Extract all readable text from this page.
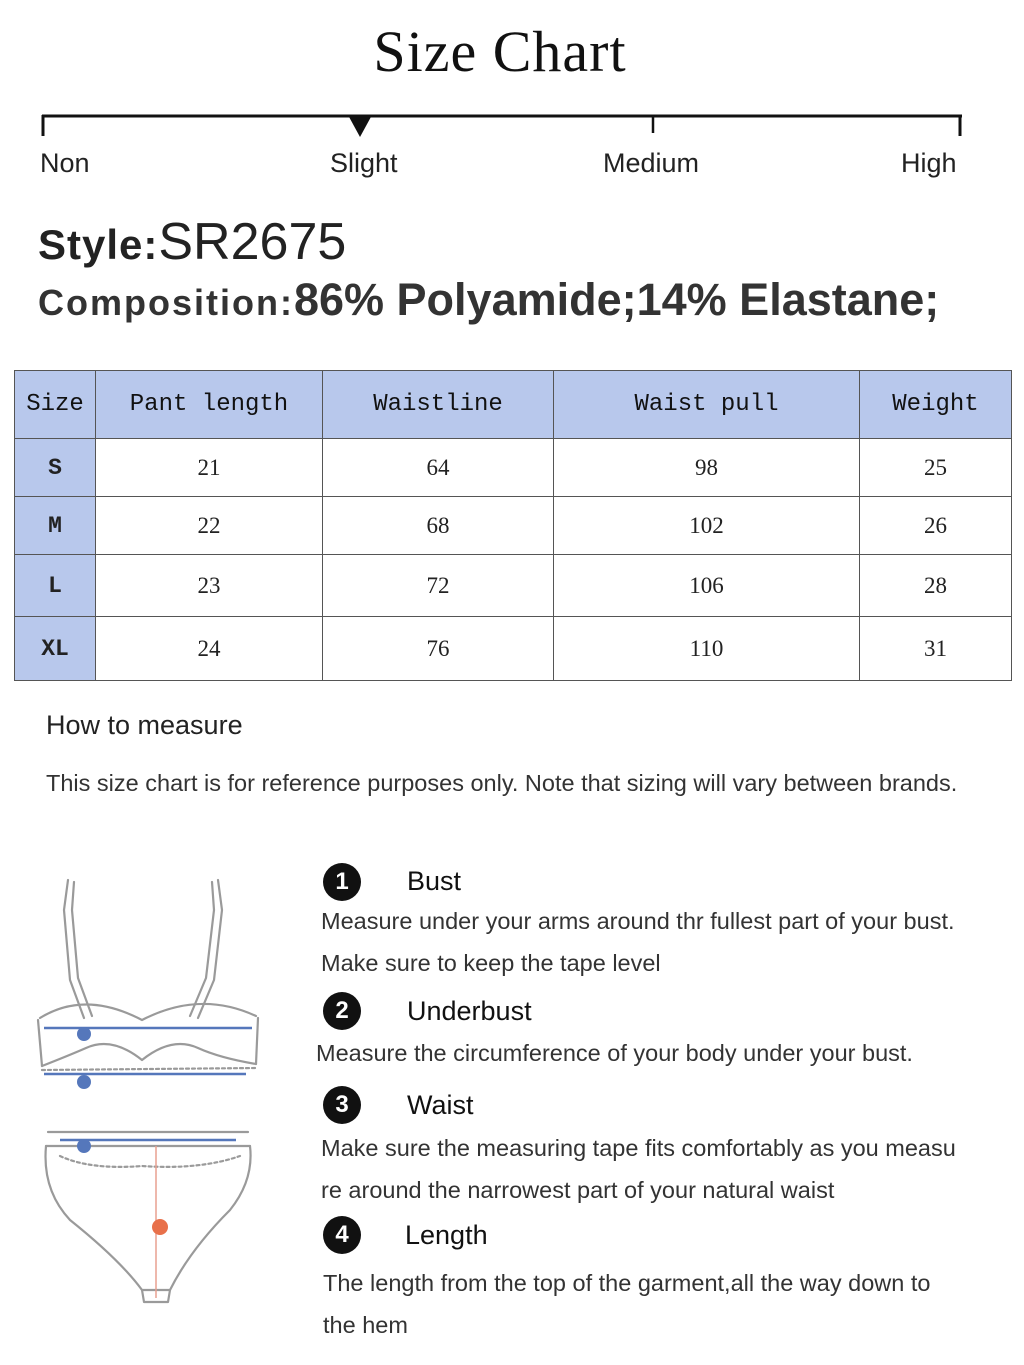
Size Chart
Non	Slight	Medium	High
Style:SR2675
Composition:86% Polyamide;14% Elastane;
Size	Pant length	Waistline	Waist pull	Weight
S	21	64	98	25
M	22	68	102	26
L	23	72	106	28
XL	24	76	110	31
How to measure
This size chart is for reference purposes only. Note that sizing will vary between brands.
1	Bust
Measure under your arms around thr fullest part of your bust.
Make sure to keep the tape level
2	Underbust
Measure the circumference of your body under your bust.
3	Waist
Make sure the measuring tape fits comfortably as you measu
re around the narrowest part of your natural waist
4	Length
The length from the top of the garment,all the way down to
the hem
